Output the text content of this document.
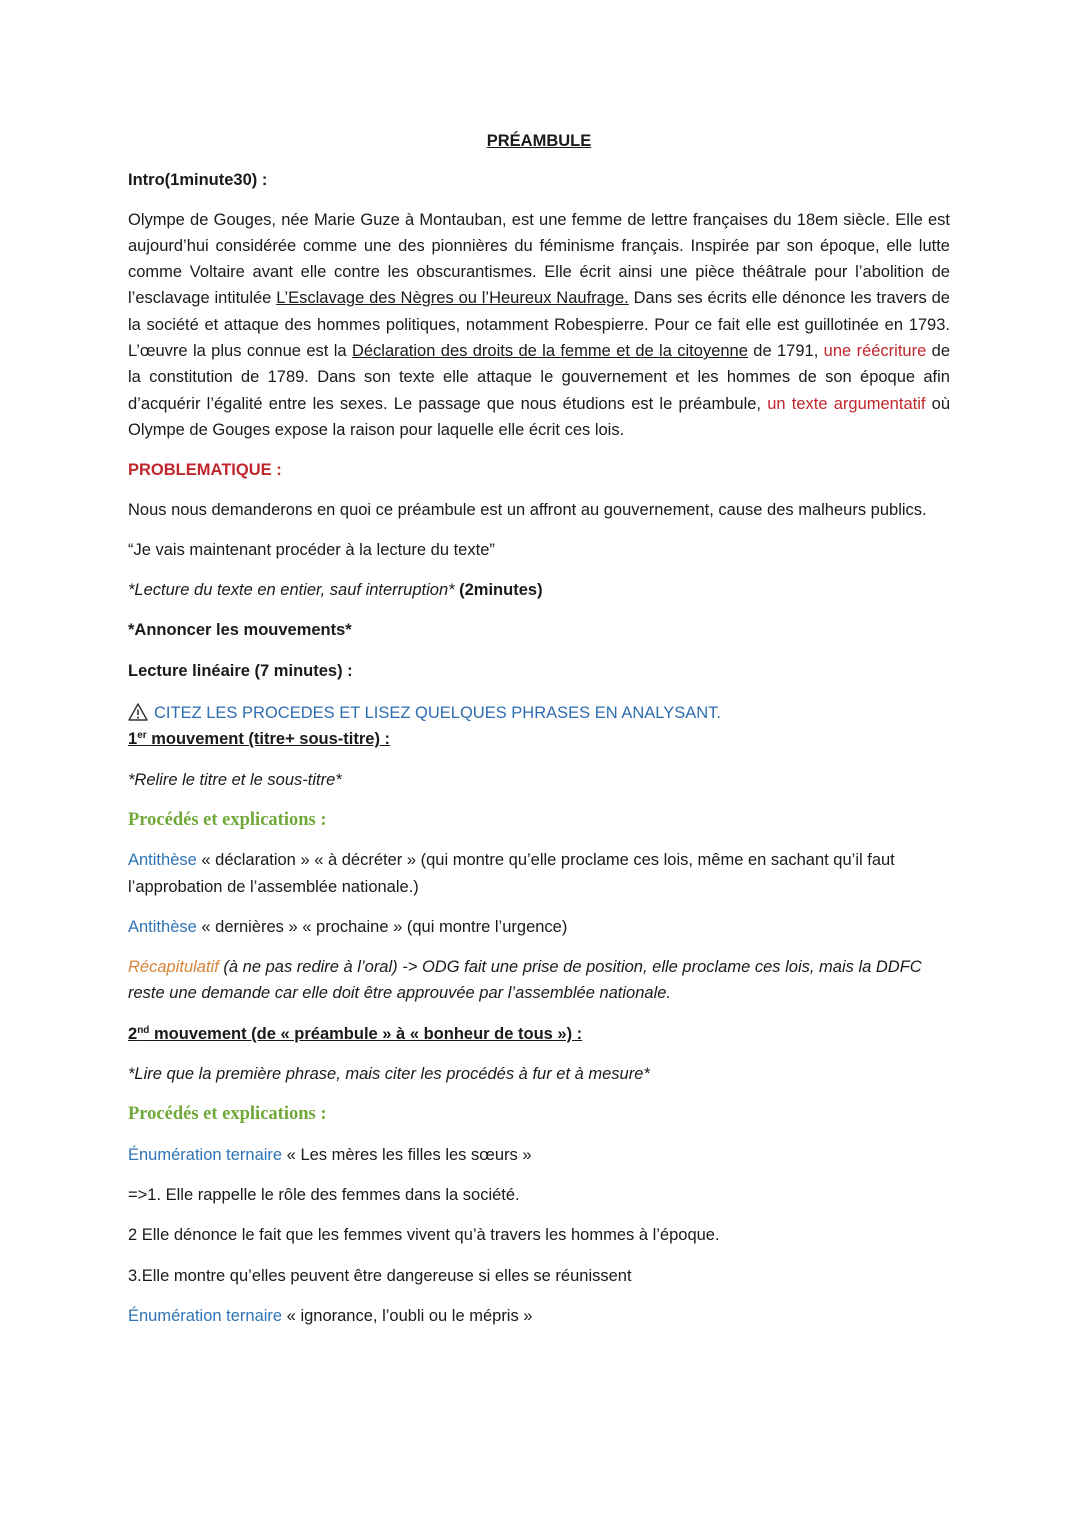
PRÉAMBULE
Intro(1minute30) :

Olympe de Gouges, née Marie Guze à Montauban, est une femme de lettre françaises du 18em siècle. Elle est aujourd’hui considérée comme une des pionnières du féminisme français. Inspirée par son époque, elle lutte comme Voltaire avant elle contre les obscurantismes. Elle écrit ainsi une pièce théâtrale pour l’abolition de l’esclavage intitulée L’Esclavage des Nègres ou l’Heureux Naufrage. Dans ses écrits elle dénonce les travers de la société et attaque des hommes politiques, notamment Robespierre. Pour ce fait elle est guillotinée en 1793. L’œuvre la plus connue est la Déclaration des droits de la femme et de la citoyenne de 1791, une réécriture de la constitution de 1789. Dans son texte elle attaque le gouvernement et les hommes de son époque afin d’acquérir l’égalité entre les sexes. Le passage que nous étudions est le préambule, un texte argumentatif où Olympe de Gouges expose la raison pour laquelle elle écrit ces lois.

PROBLEMATIQUE :

Nous nous demanderons en quoi ce préambule est un affront au gouvernement, cause des malheurs publics.

“Je vais maintenant procéder à la lecture du texte”

*Lecture du texte en entier, sauf interruption* (2minutes)

*Annoncer les mouvements*

Lecture linéaire (7 minutes) :

CITEZ LES PROCEDES ET LISEZ QUELQUES PHRASES EN ANALYSANT.
1er mouvement (titre+ sous-titre) :

*Relire le titre et le sous-titre*

Procédés et explications :

Antithèse « déclaration » « à décréter » (qui montre qu’elle proclame ces lois, même en sachant qu’il faut l’approbation de l’assemblée nationale.)

Antithèse « dernières » « prochaine » (qui montre l’urgence)

Récapitulatif (à ne pas redire à l’oral) -> ODG fait une prise de position, elle proclame ces lois, mais la DDFC reste une demande car elle doit être approuvée par l’assemblée nationale.

2nd mouvement (de « préambule » à « bonheur de tous ») :

*Lire que la première phrase, mais citer les procédés à fur et à mesure*

Procédés et explications :

Énumération ternaire « Les mères les filles les sœurs »

=>1. Elle rappelle le rôle des femmes dans la société.

2 Elle dénonce le fait que les femmes vivent qu’à travers les hommes à l’époque.

3.Elle montre qu’elles peuvent être dangereuse si elles se réunissent

Énumération ternaire « ignorance, l’oubli ou le mépris »
